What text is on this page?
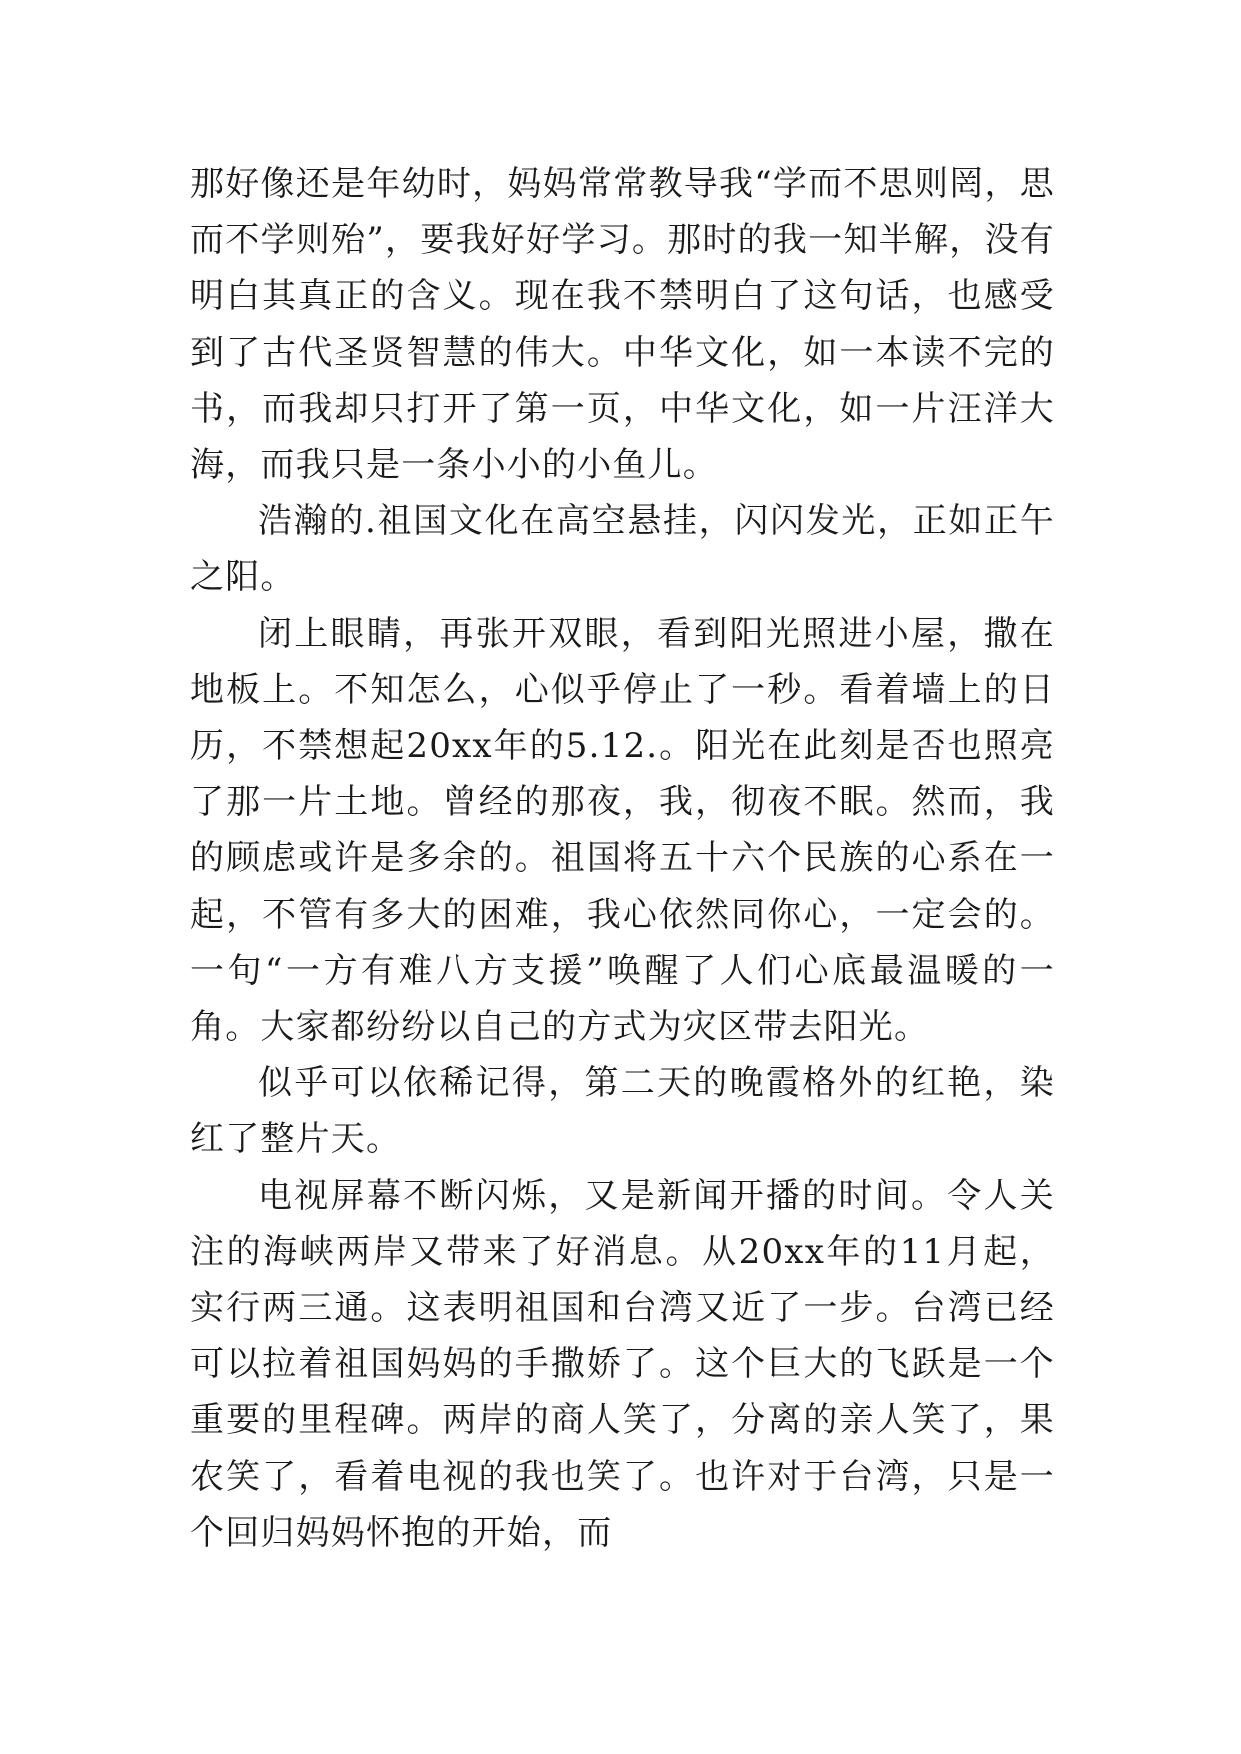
那好像还是年幼时，妈妈常常教导我“学而不思则罔，思而不学则殆”，要我好好学习。那时的我一知半解，没有明白其真正的含义。现在我不禁明白了这句话，也感受到了古代圣贤智慧的伟大。中华文化，如一本读不完的书，而我却只打开了第一页，中华文化，如一片汪洋大海，而我只是一条小小的小鱼儿。

浩瀚的.祖国文化在高空悬挂，闪闪发光，正如正午之阳。

闭上眼睛，再张开双眼，看到阳光照进小屋，撒在地板上。不知怎么，心似乎停止了一秒。看着墙上的日历，不禁想起20xx年的5.12.。阳光在此刻是否也照亮了那一片土地。曾经的那夜，我，彻夜不眠。然而，我的顾虑或许是多余的。祖国将五十六个民族的心系在一起，不管有多大的困难，我心依然同你心，一定会的。一句“一方有难八方支援”唤醒了人们心底最温暖的一角。大家都纷纷以自己的方式为灾区带去阳光。

似乎可以依稀记得，第二天的晚霞格外的红艳，染红了整片天。

电视屏幕不断闪烁，又是新闻开播的时间。令人关注的海峡两岸又带来了好消息。从20xx年的11月起，实行两三通。这表明祖国和台湾又近了一步。台湾已经可以拉着祖国妈妈的手撒娇了。这个巨大的飞跃是一个重要的里程碑。两岸的商人笑了，分离的亲人笑了，果农笑了，看着电视的我也笑了。也许对于台湾，只是一个回归妈妈怀抱的开始，而
